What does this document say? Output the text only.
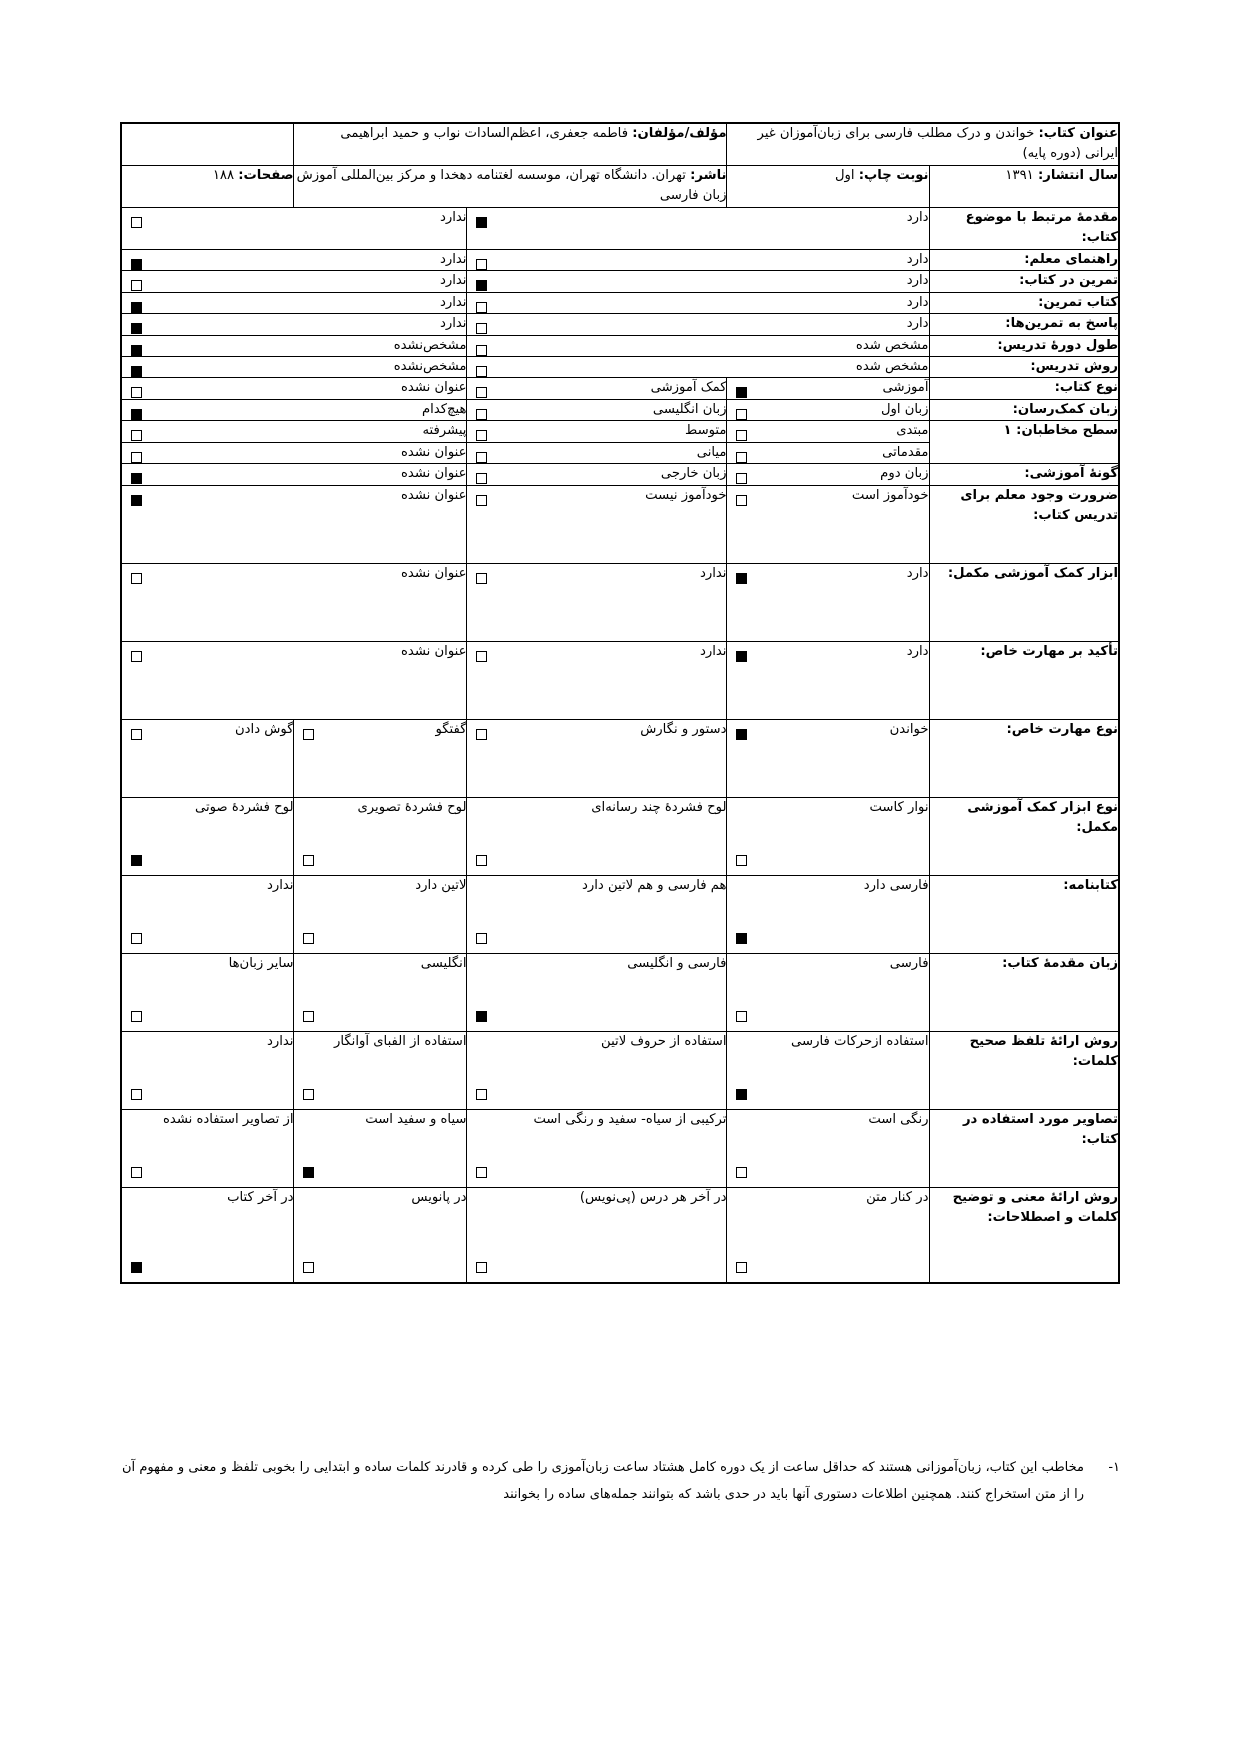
عنوان کتاب: خواندن و درک مطلب فارسی برای زبان‌آموزان غیر ایرانی (دوره پایه)		مؤلف/مؤلفان: فاطمه جعفری، اعظم‌السادات نواب و حمید ابراهیمی		
سال انتشار: ۱۳۹۱	نوبت چاپ: اول	ناشر: تهران. دانشگاه تهران، موسسه لغتنامه دهخدا و مرکز بین‌المللی آموزش زبان فارسی		صفحات: ۱۸۸
مقدمۀ مرتبط با موضوع کتاب:	دارد		ندارد	

راهنمای معلم:	دارد		ندارد	

تمرین در کتاب:	دارد		ندارد	

کتاب تمرین:	دارد		ندارد	

پاسخ به تمرین‌ها:	دارد		ندارد	

طول دورۀ تدریس:	مشخص شده		مشخص‌نشده	

روش تدریس:	مشخص شده		مشخص‌نشده	

نوع کتاب:	آموزشی	کمک آموزشی	عنوان نشده	

زبان کمک‌رسان:	زبان اول	زبان انگلیسی	هیچ‌کدام	

سطح مخاطبان: ۱	مبتدی	متوسط	پیشرفته	

	مقدماتی	میانی	عنوان نشده	

گونۀ آموزشی:	زبان دوم	زبان خارجی	عنوان نشده	

ضرورت وجود معلم برای تدریس کتاب:	خودآموز است	خودآموز نیست	عنوان نشده	

ابزار کمک آموزشی مکمل:	دارد	ندارد	عنوان نشده	

تأکید بر مهارت خاص:	دارد	ندارد	عنوان نشده	

نوع مهارت خاص:	خواندن	دستور و نگارش	گفتگو	گوش دادن

نوع ابزار کمک آموزشی مکمل:	نوار کاست	لوح فشردۀ چند رسانه‌ای	لوح فشردۀ تصویری	لوح فشردۀ صوتی

کتابنامه:	فارسی دارد	هم فارسی و هم لاتین دارد	لاتین دارد	ندارد

زبان مقدمۀ کتاب:	فارسی	فارسی و انگلیسی	انگلیسی	سایر زبان‌ها

روش ارائۀ تلفظ صحیح کلمات:	استفاده ازحرکات فارسی	استفاده از حروف لاتین	استفاده از الفبای آوانگار	ندارد

تصاویر مورد استفاده در کتاب:	رنگی است	ترکیبی از سیاه- سفید و رنگی است	سیاه و سفید است	از تصاویر استفاده نشده

روش ارائۀ معنی و توضیح کلمات و اصطلاحات:	در کنار متن	در آخر هر درس (پی‌نویس)	در پانویس	در آخر کتاب
۱-
مخاطب این کتاب، زبان‌آموزانی هستند که حداقل ساعت از یک دوره کامل هشتاد ساعت زبان‌آموزی را طی کرده و قادرند کلمات ساده و ابتدایی را بخوبی تلفظ و معنی و مفهوم آن را از متن استخراج کنند. همچنین اطلاعات دستوری آنها باید در حدی باشد که بتوانند جمله‌های ساده را بخوانند
